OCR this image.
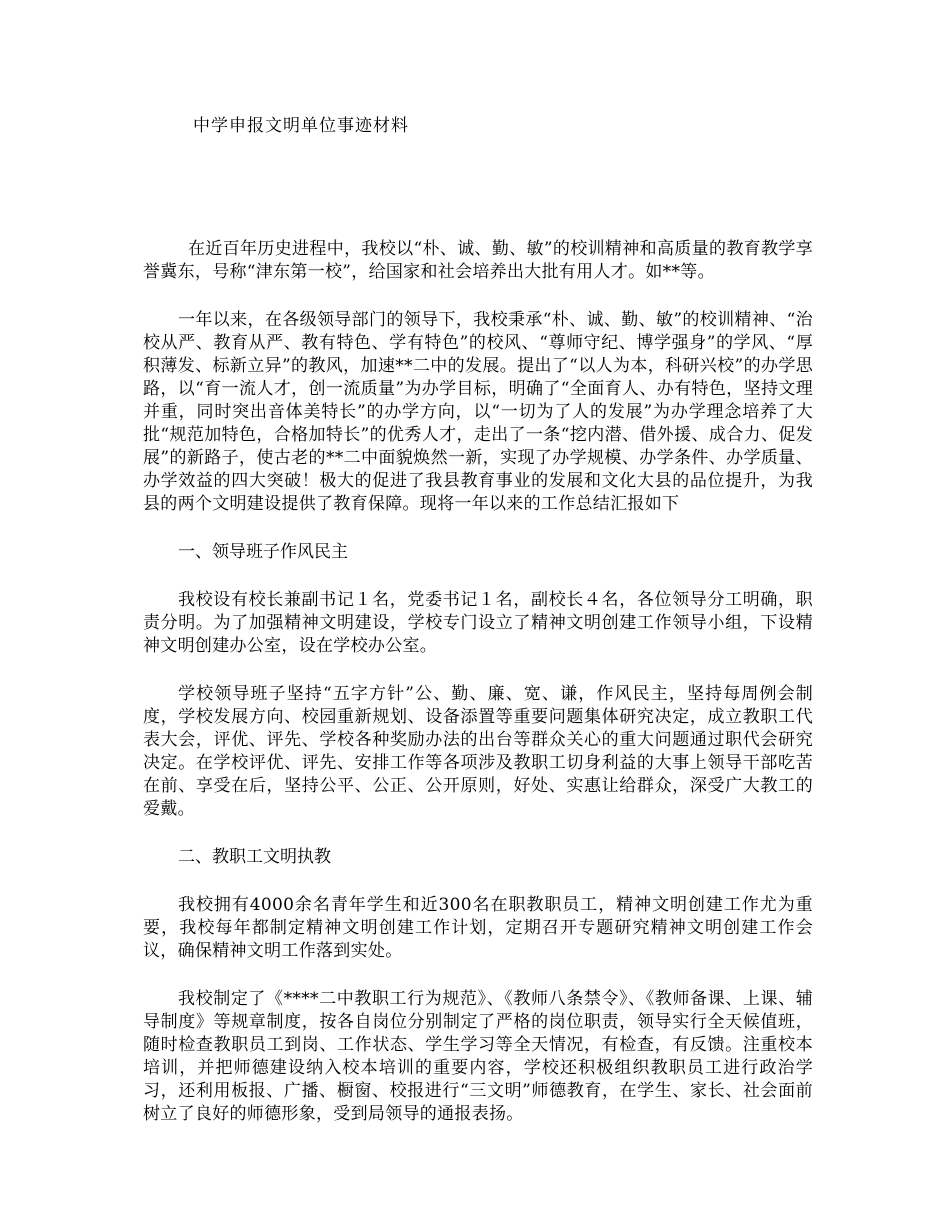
中学申报文明单位事迹材料

在近百年历史进程中，我校以“朴、诚、勤、敏”的校训精神和高质量的教育教学享誉冀东，号称“津东第一校”，给国家和社会培养出大批有用人才。如**等。

一年以来，在各级领导部门的领导下，我校秉承“朴、诚、勤、敏”的校训精神、“治校从严、教育从严、教有特色、学有特色”的校风、“尊师守纪、博学强身”的学风、“厚积薄发、标新立异”的教风，加速**二中的发展。提出了“以人为本，科研兴校”的办学思路，以“育一流人才，创一流质量”为办学目标，明确了“全面育人、办有特色，坚持文理并重，同时突出音体美特长”的办学方向，以“一切为了人的发展”为办学理念培养了大批“规范加特色，合格加特长”的优秀人才，走出了一条“挖内潜、借外援、成合力、促发展”的新路子，使古老的**二中面貌焕然一新，实现了办学规模、办学条件、办学质量、办学效益的四大突破！极大的促进了我县教育事业的发展和文化大县的品位提升，为我县的两个文明建设提供了教育保障。现将一年以来的工作总结汇报如下

一、领导班子作风民主

我校设有校长兼副书记１名，党委书记１名，副校长４名，各位领导分工明确，职责分明。为了加强精神文明建设，学校专门设立了精神文明创建工作领导小组，下设精神文明创建办公室，设在学校办公室。

学校领导班子坚持“五字方针”公、勤、廉、宽、谦，作风民主，坚持每周例会制度，学校发展方向、校园重新规划、设备添置等重要问题集体研究决定，成立教职工代表大会，评优、评先、学校各种奖励办法的出台等群众关心的重大问题通过职代会研究决定。在学校评优、评先、安排工作等各项涉及教职工切身利益的大事上领导干部吃苦在前、享受在后，坚持公平、公正、公开原则，好处、实惠让给群众，深受广大教工的爱戴。

二、教职工文明执教

我校拥有4000余名青年学生和近300名在职教职员工，精神文明创建工作尤为重要，我校每年都制定精神文明创建工作计划，定期召开专题研究精神文明创建工作会议，确保精神文明工作落到实处。

我校制定了《****二中教职工行为规范》、《教师八条禁令》、《教师备课、上课、辅导制度》等规章制度，按各自岗位分别制定了严格的岗位职责，领导实行全天候值班，随时检查教职员工到岗、工作状态、学生学习等全天情况，有检查，有反馈。注重校本培训，并把师德建设纳入校本培训的重要内容，学校还积极组织教职员工进行政治学习，还利用板报、广播、橱窗、校报进行“三文明”师德教育，在学生、家长、社会面前树立了良好的师德形象，受到局领导的通报表扬。
